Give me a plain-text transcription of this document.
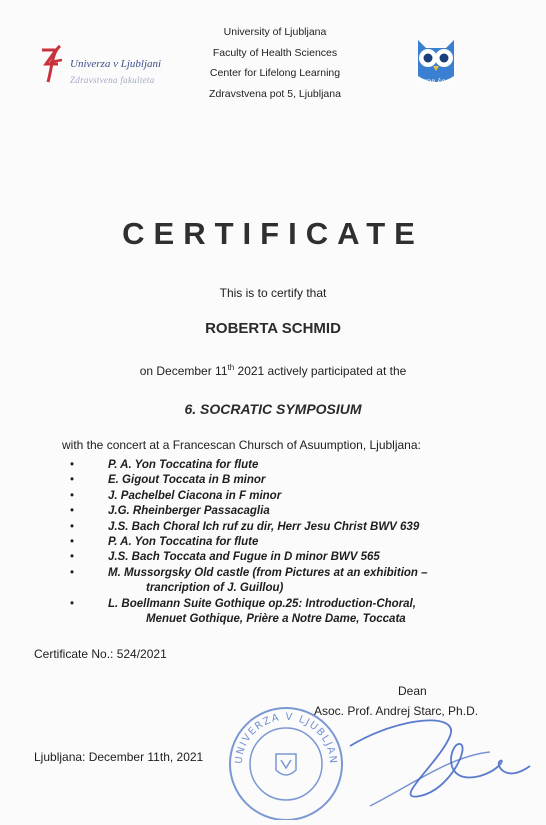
Univerza v Ljubljani
Zdravstvena fakulteta
University of Ljubljana
Faculty of Health Sciences
Center for Lifelong Learning
Zdravstvena pot 5, Ljubljana
ZDR ŠOL
CERTIFICATE
This is to certify that
ROBERTA SCHMID
on December 11th 2021 actively participated at the
6. SOCRATIC SYMPOSIUM
with the concert at a Francescan Chursch of Asuumption, Ljubljana:
• P. A. Yon Toccatina for flute
• E. Gigout Toccata in B minor
• J. Pachelbel Ciacona in F minor
• J.G. Rheinberger Passacaglia
• J.S. Bach Choral Ich ruf zu dir, Herr Jesu Christ BWV 639
• P. A. Yon Toccatina for flute
• J.S. Bach Toccata and Fugue in D minor BWV 565
• M. Mussorgsky Old castle (from Pictures at an exhibition –
trancription of J. Guillou)
• L. Boellmann Suite Gothique op.25: Introduction-Choral,
Menuet Gothique, Prière a Notre Dame, Toccata
Certificate No.: 524/2021
UNIVERZA V LJUBLJAN
Dean
Asoc. Prof. Andrej Starc, Ph.D.
Ljubljana: December 11th, 2021
